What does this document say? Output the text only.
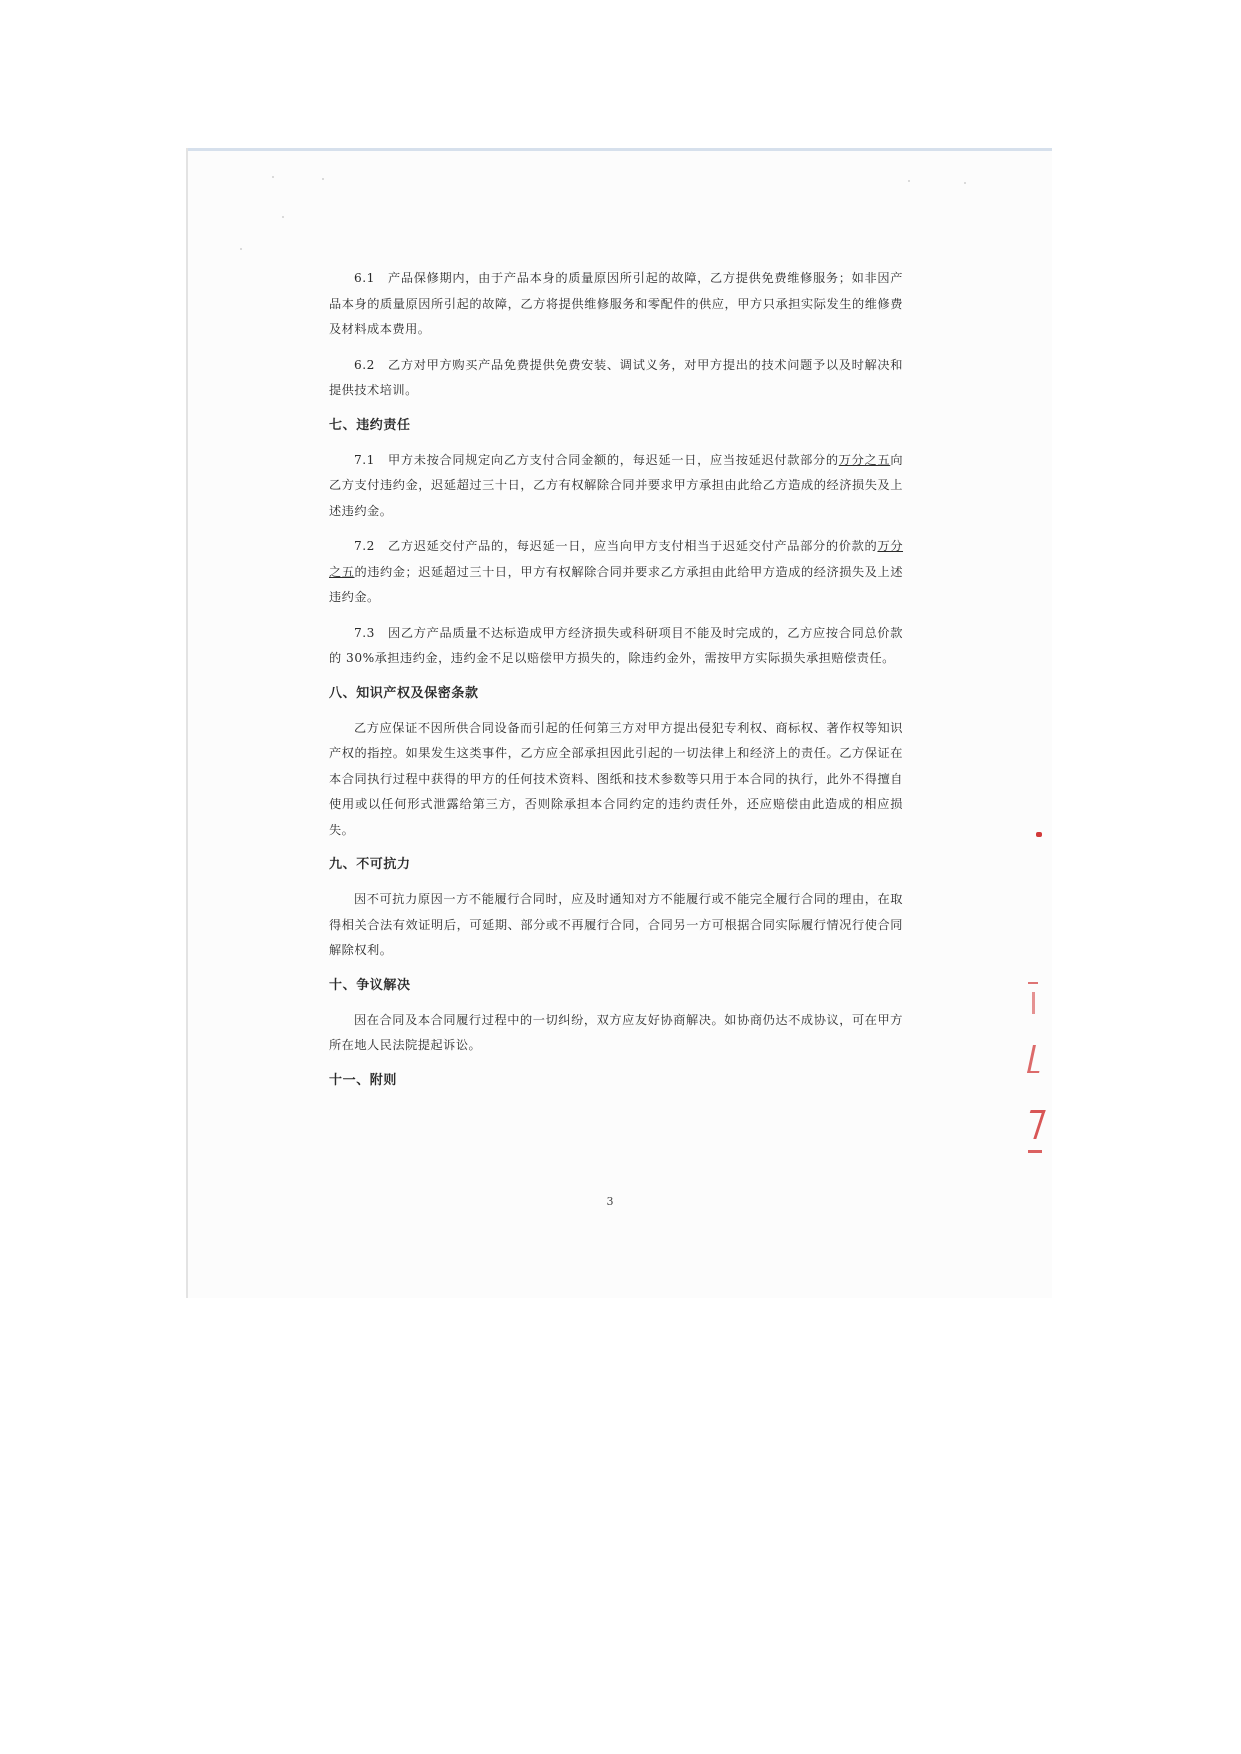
6.1　产品保修期内，由于产品本身的质量原因所引起的故障，乙方提供免费维修服务；如非因产品本身的质量原因所引起的故障，乙方将提供维修服务和零配件的供应，甲方只承担实际发生的维修费及材料成本费用。
6.2　乙方对甲方购买产品免费提供免费安装、调试义务，对甲方提出的技术问题予以及时解决和提供技术培训。
七、违约责任
7.1　甲方未按合同规定向乙方支付合同金额的，每迟延一日，应当按延迟付款部分的万分之五向乙方支付违约金，迟延超过三十日，乙方有权解除合同并要求甲方承担由此给乙方造成的经济损失及上述违约金。
7.2　乙方迟延交付产品的，每迟延一日，应当向甲方支付相当于迟延交付产品部分的价款的万分之五的违约金；迟延超过三十日，甲方有权解除合同并要求乙方承担由此给甲方造成的经济损失及上述违约金。
7.3　因乙方产品质量不达标造成甲方经济损失或科研项目不能及时完成的，乙方应按合同总价款的 30%承担违约金，违约金不足以赔偿甲方损失的，除违约金外，需按甲方实际损失承担赔偿责任。
八、知识产权及保密条款
乙方应保证不因所供合同设备而引起的任何第三方对甲方提出侵犯专利权、商标权、著作权等知识产权的指控。如果发生这类事件，乙方应全部承担因此引起的一切法律上和经济上的责任。乙方保证在本合同执行过程中获得的甲方的任何技术资料、图纸和技术参数等只用于本合同的执行，此外不得擅自使用或以任何形式泄露给第三方，否则除承担本合同约定的违约责任外，还应赔偿由此造成的相应损失。
九、不可抗力
因不可抗力原因一方不能履行合同时，应及时通知对方不能履行或不能完全履行合同的理由，在取得相关合法有效证明后，可延期、部分或不再履行合同，合同另一方可根据合同实际履行情况行使合同解除权利。
十、争议解决
因在合同及本合同履行过程中的一切纠纷，双方应友好协商解决。如协商仍达不成协议，可在甲方所在地人民法院提起诉讼。
十一、附则
3
